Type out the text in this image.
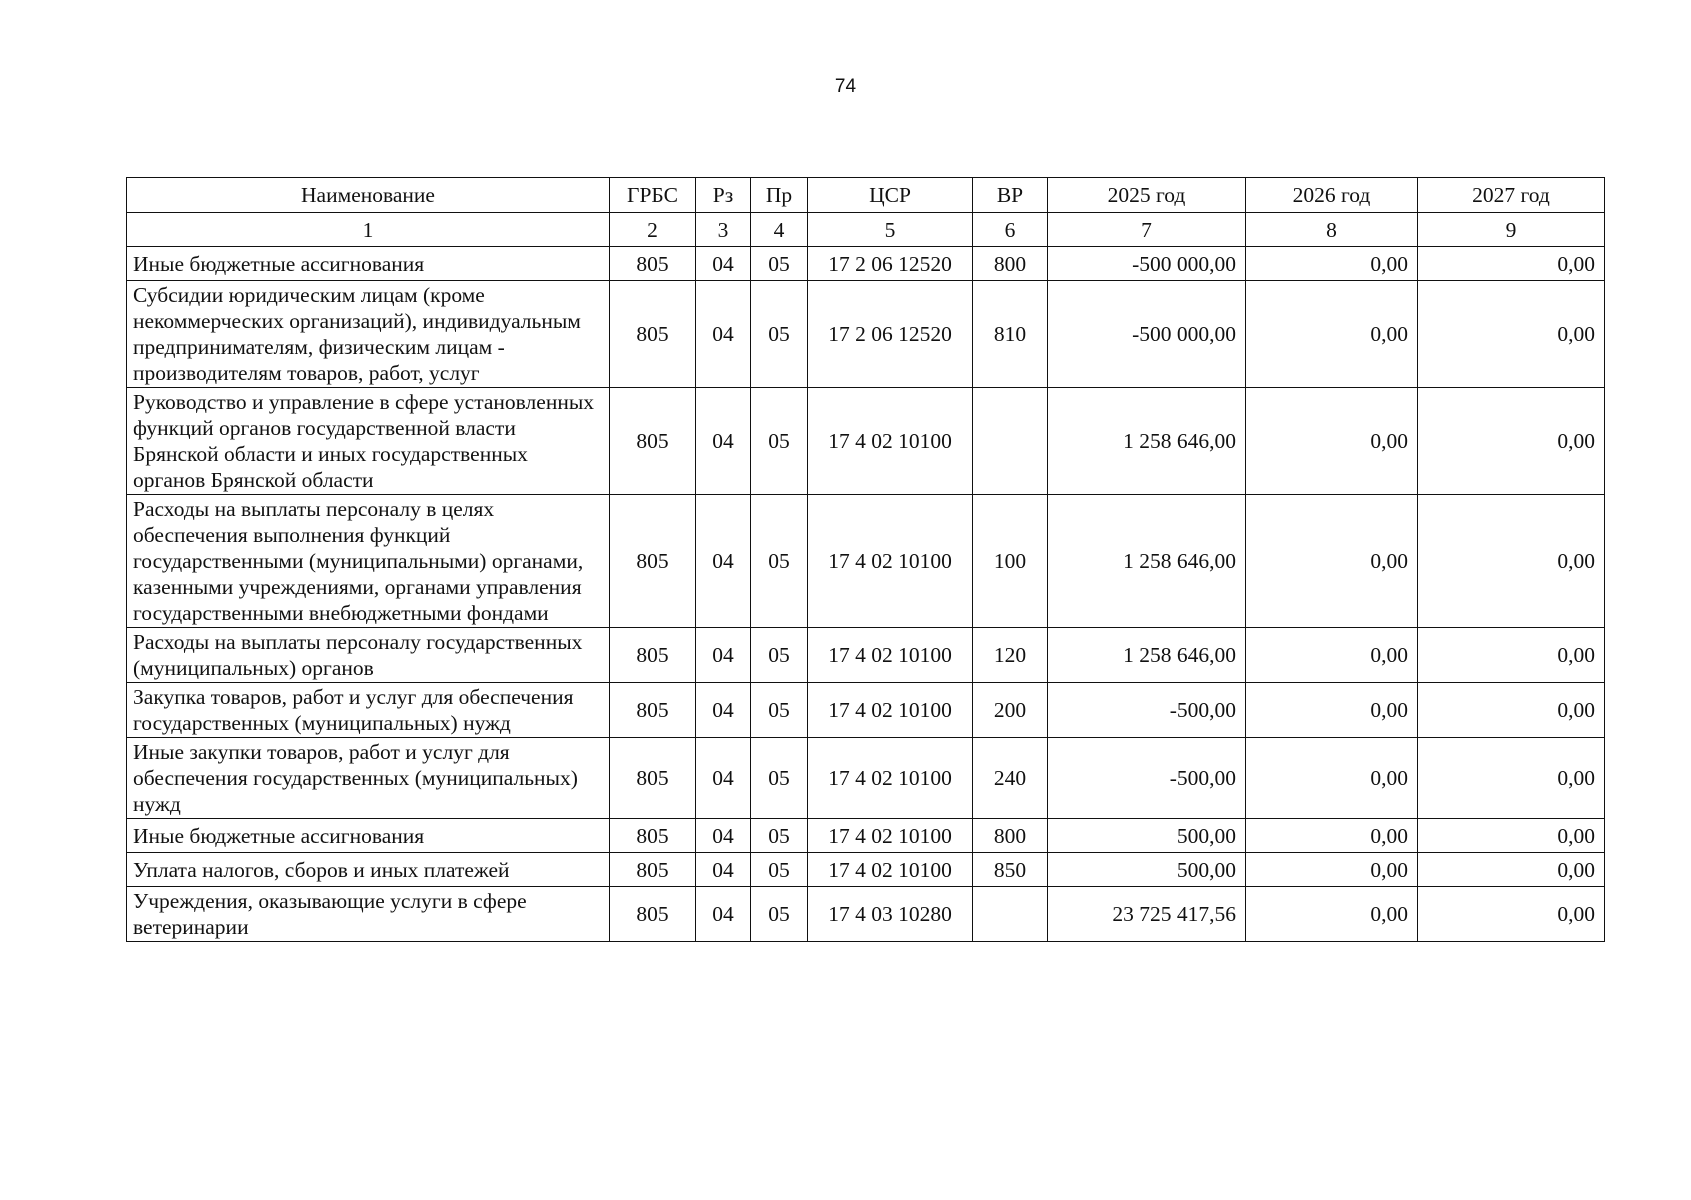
74
Наименование	ГРБС	Рз	Пр	ЦСР	ВР	2025 год	2026 год	2027 год
1	2	3	4	5	6	7	8	9
Иные бюджетные ассигнования	805	04	05	17 2 06 12520	800	-500 000,00	0,00	0,00
Субсидии юридическим лицам (кроме некоммерческих организаций), индивидуальным предпринимателям, физическим лицам - производителям товаров, работ, услуг	805	04	05	17 2 06 12520	810	-500 000,00	0,00	0,00
Руководство и управление в сфере установленных функций органов государственной власти Брянской области и иных государственных органов Брянской области	805	04	05	17 4 02 10100		1 258 646,00	0,00	0,00
Расходы на выплаты персоналу в целях обеспечения выполнения функций государственными (муниципальными) органами, казенными учреждениями, органами управления государственными внебюджетными фондами	805	04	05	17 4 02 10100	100	1 258 646,00	0,00	0,00
Расходы на выплаты персоналу государственных (муниципальных) органов	805	04	05	17 4 02 10100	120	1 258 646,00	0,00	0,00
Закупка товаров, работ и услуг для обеспечения государственных (муниципальных) нужд	805	04	05	17 4 02 10100	200	-500,00	0,00	0,00
Иные закупки товаров, работ и услуг для обеспечения государственных (муниципальных) нужд	805	04	05	17 4 02 10100	240	-500,00	0,00	0,00
Иные бюджетные ассигнования	805	04	05	17 4 02 10100	800	500,00	0,00	0,00
Уплата налогов, сборов и иных платежей	805	04	05	17 4 02 10100	850	500,00	0,00	0,00
Учреждения, оказывающие услуги в сфере ветеринарии	805	04	05	17 4 03 10280		23 725 417,56	0,00	0,00
